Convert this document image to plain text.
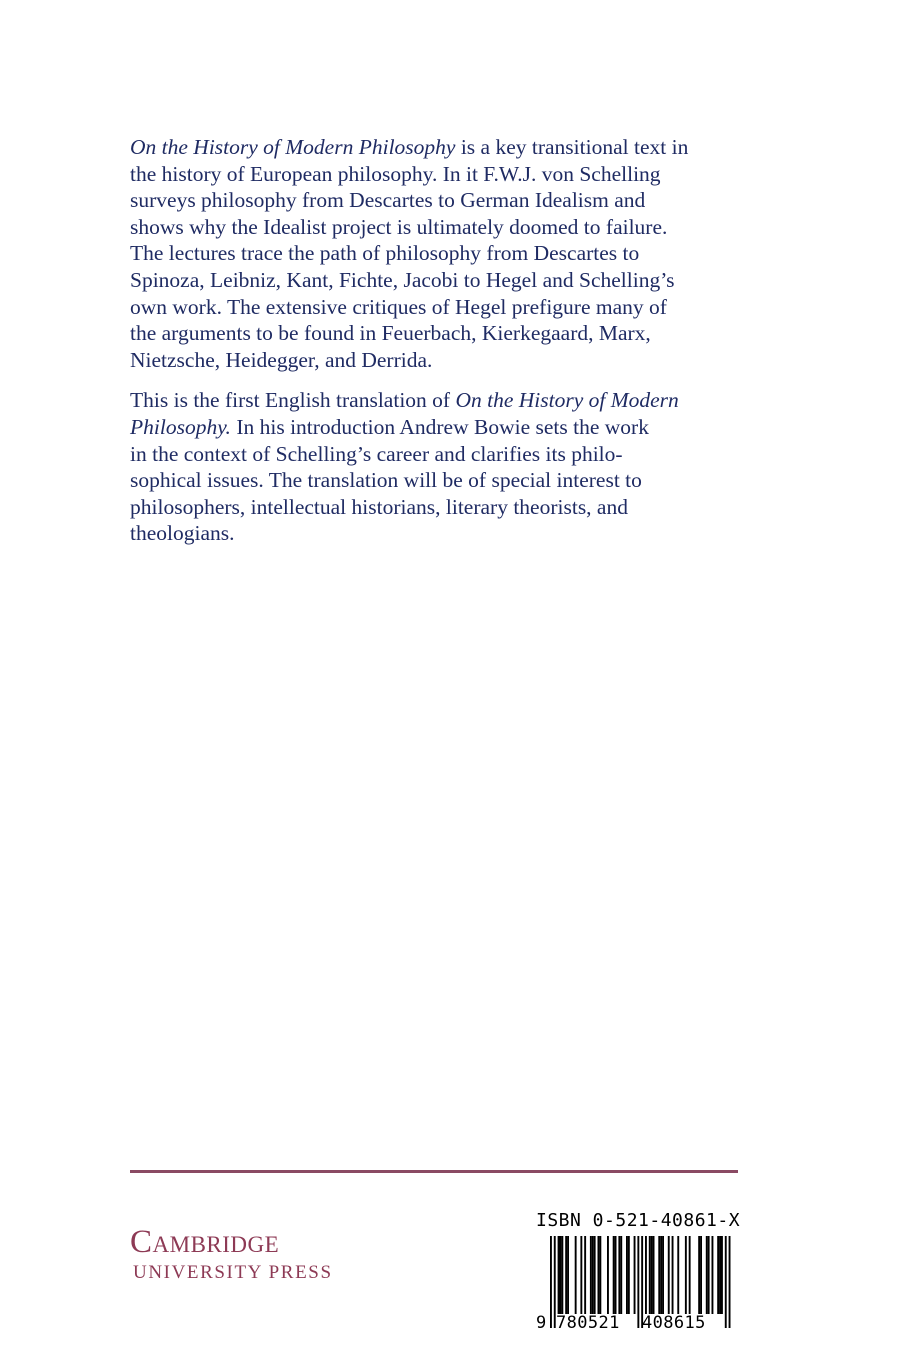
On the History of Modern Philosophy is a key transitional text in
the history of European philosophy. In it F.W.J. von Schelling
surveys philosophy from Descartes to German Idealism and
shows why the Idealist project is ultimately doomed to failure.
The lectures trace the path of philosophy from Descartes to
Spinoza, Leibniz, Kant, Fichte, Jacobi to Hegel and Schelling’s
own work. The extensive critiques of Hegel prefigure many of
the arguments to be found in Feuerbach, Kierkegaard, Marx,
Nietzsche, Heidegger, and Derrida.

This is the first English translation of On the History of Modern
Philosophy. In his introduction Andrew Bowie sets the work
in the context of Schelling’s career and clarifies its philo-
sophical issues. The translation will be of special interest to
philosophers, intellectual historians, literary theorists, and
theologians.

Cambridge
UNIVERSITY PRESS
ISBN 0-521-40861-X
9 780521 408615
